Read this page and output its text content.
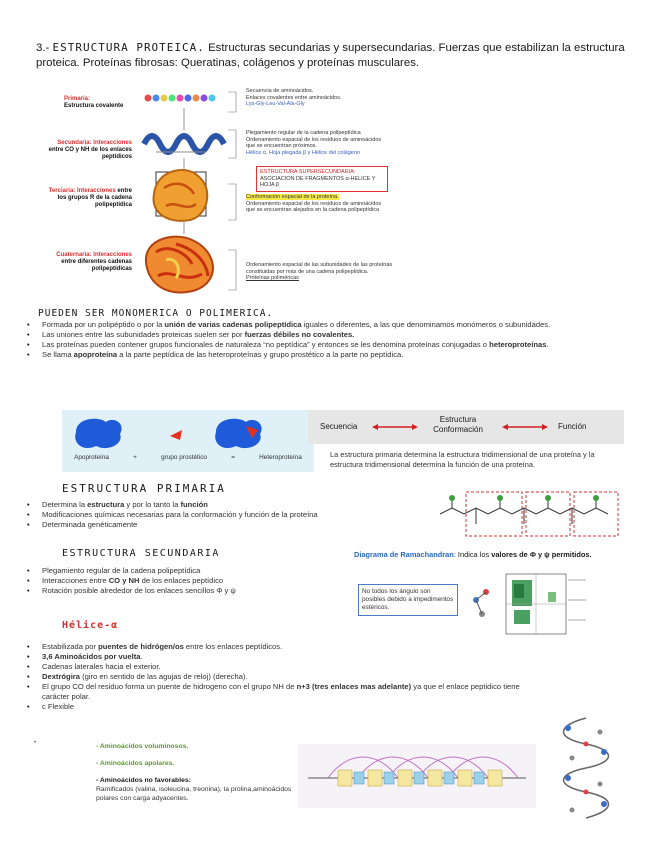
3.- ESTRUCTURA PROTEICA. Estructuras secundarias y supersecundarias. Fuerzas que estabilizan la estructura proteica. Proteínas fibrosas: Queratinas, colágenos y proteínas musculares.
Primaria:
Estructura covalente
Secundaria: Interacciones entre CO y NH de los enlaces peptídicos
Terciaria: Interacciones entre los grupos R de la cadena polipeptídica
Cuaternaria: Interacciones entre diferentes cadenas polipeptídicas
Secuencia de aminoácidos.
Enlaces covalentes entre aminoácidos.
Lys-Gly-Leu-Val-Ala-Gly
Plegamiento regular de la cadena polipeptídica
Ordenamiento espacial de los residuos de aminoácidos que se encuentran próximos.
Hélice α, Hoja plegada β y Hélice del colágeno
ESTRUCTURA SUPERSECUNDARIA:
ASOCIACION DE FRAGMENTOS α-HELICE Y HOJA β
Conformación espacial de la proteína.
Ordenamiento espacial de los residuos de aminoácidos que se encuentran alejados en la cadena polipeptídica
Ordenamiento espacial de las subunidades de las proteínas constituidas por más de una cadena polipeptídica.
Proteínas poliméricas
PUEDEN SER MONOMERICA O POLIMERICA.
• Formada por un polipéptido o por la unión de varias cadenas polipeptídica iguales o diferentes, a las que denominamos monómeros o subunidades.
• Las uniones entre las subunidades proteicas suelen ser por fuerzas débiles no covalentes.
• Las proteínas pueden contener grupos funcionales de naturaleza “no peptídica” y entonces se les denomina proteínas conjugadas o heteroproteínas.
• Se llama apoproteína a la parte peptídica de las heteroproteínas y grupo prostético a la parte no peptídica.
Apoproteína	+	grupo prostético	=	Heteroproteína
Secuencia
Estructura
Conformación	Función
La estructura primaria determina la estructura tridimensional de una proteína y la estructura tridimensional determina la función de una proteína.
ESTRUCTURA PRIMARIA
• Determina la estructura y por lo tanto la función
• Modificaciones químicas necesarias para la conformación y función de la proteína
• Determinada genéticamente
ESTRUCTURA SECUNDARIA
• Plegamiento regular de la cadena polipeptídica
• Interacciones entre CO y NH de los enlaces peptídico
• Rotación posible alrededor de los enlaces sencillos Φ y ψ
Diagrama de Ramachandran: Indica los valores de Φ y ψ permitidos.
No todos los ángulo son posibles debido a impedimentos estéricos.
Hélice-α
• Estabilizada por puentes de hidrógen/os entre los enlaces peptídicos.
• 3,6 Aminoácidos por vuelta.
• Cadenas laterales hacia el exterior.
• Dextrógira (giro en sentido de las agujas de reloj) (derecha).
• El grupo CO del residuo forma un puente de hidrogeno con el grupo NH de n+3 (tres enlaces mas adelante) ya que el enlace peptidico tiene carácter polar.
• c Flexible
•	- Aminoácidos voluminosos.
- Aminoácidos apolares.
- Aminoácidos no favorables:
Ramificados (valina, isoleucina, treonina), la prolina,aminoácidos polares con carga adyacentes.
